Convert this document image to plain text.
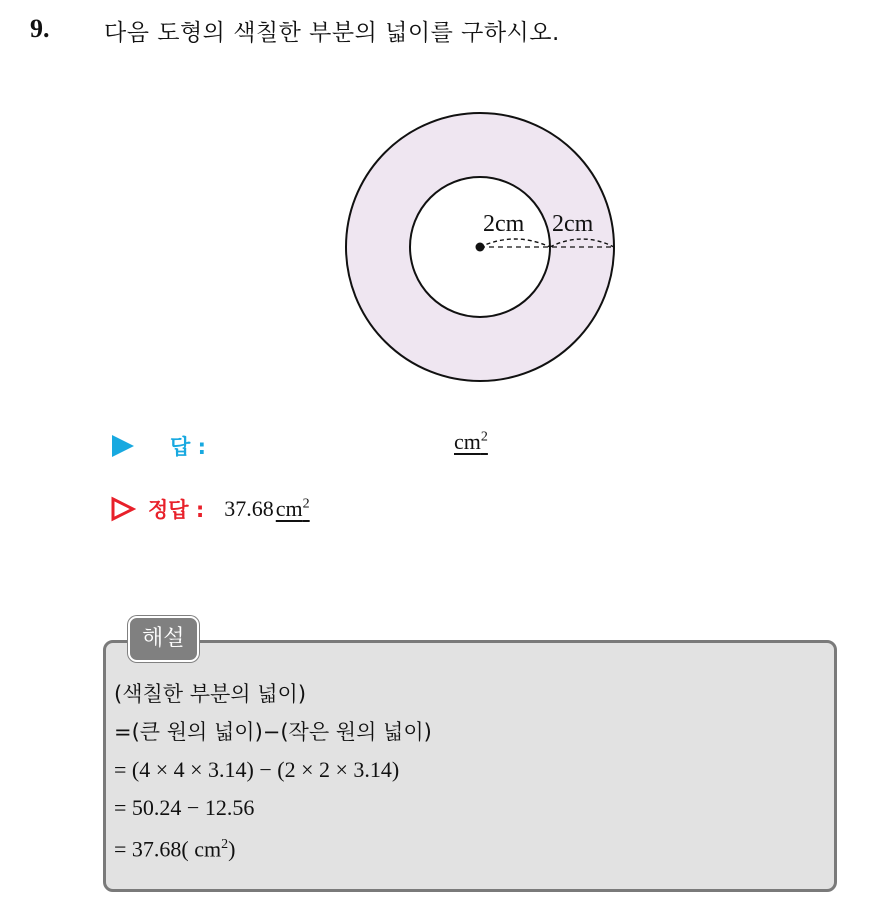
9. 다음 도형의 색칠한 부분의 넓이를 구하시오.
2cm 2cm
답 :	$cm^2$
정답 : 37.68 $cm^2$
해설
(색칠한 부분의 넓이)
=(큰 원의 넓이)−(작은 원의 넓이)
= (4 × 4 × 3.14) − (2 × 2 × 3.14)
= 50.24 − 12.56
= 37.68( $cm^2$)
